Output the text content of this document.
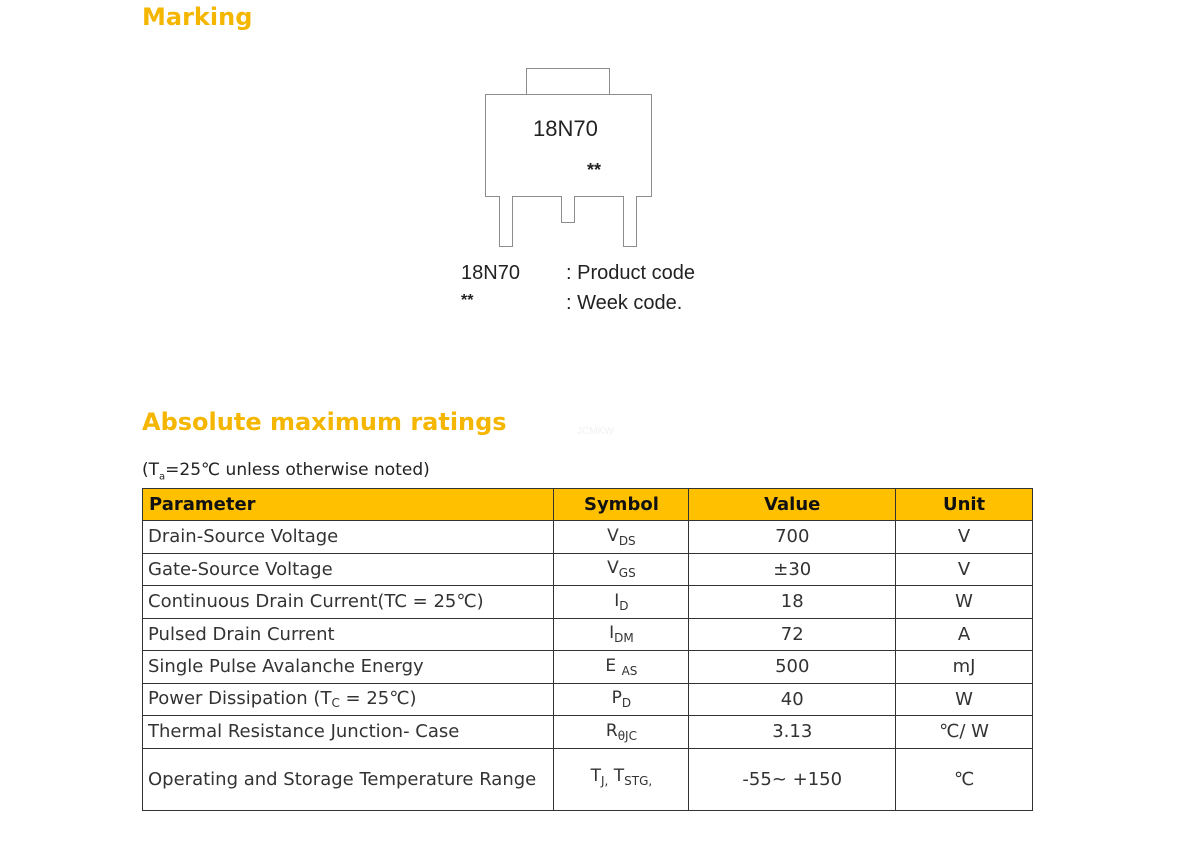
Marking
18N70
**
18N70 : Product code
**	: Week code.
Absolute maximum ratings	JCMKW
($T_a=25℃$ unless otherwise noted)
Parameter	Symbol	Value	Unit
Drain-Source Voltage	$V_{DS}$	700	V
Gate-Source Voltage	$V_{GS}$	±30	V
Continuous Drain Current(TC = 25℃)	$I_D$	18	W
Pulsed Drain Current	$I_{DM}$	72	A
Single Pulse Avalanche Energy	E $_{AS}$	500	mJ
Power Dissipation ($T_C$ = 25℃)	$P_D$	40	W
Thermal Resistance Junction- Case	$R_{\theta JC}$	3.13	℃/ W
Operating and Storage Temperature Range	$T_{J,}$ $T_{STG,}$	-55~ +150	℃
